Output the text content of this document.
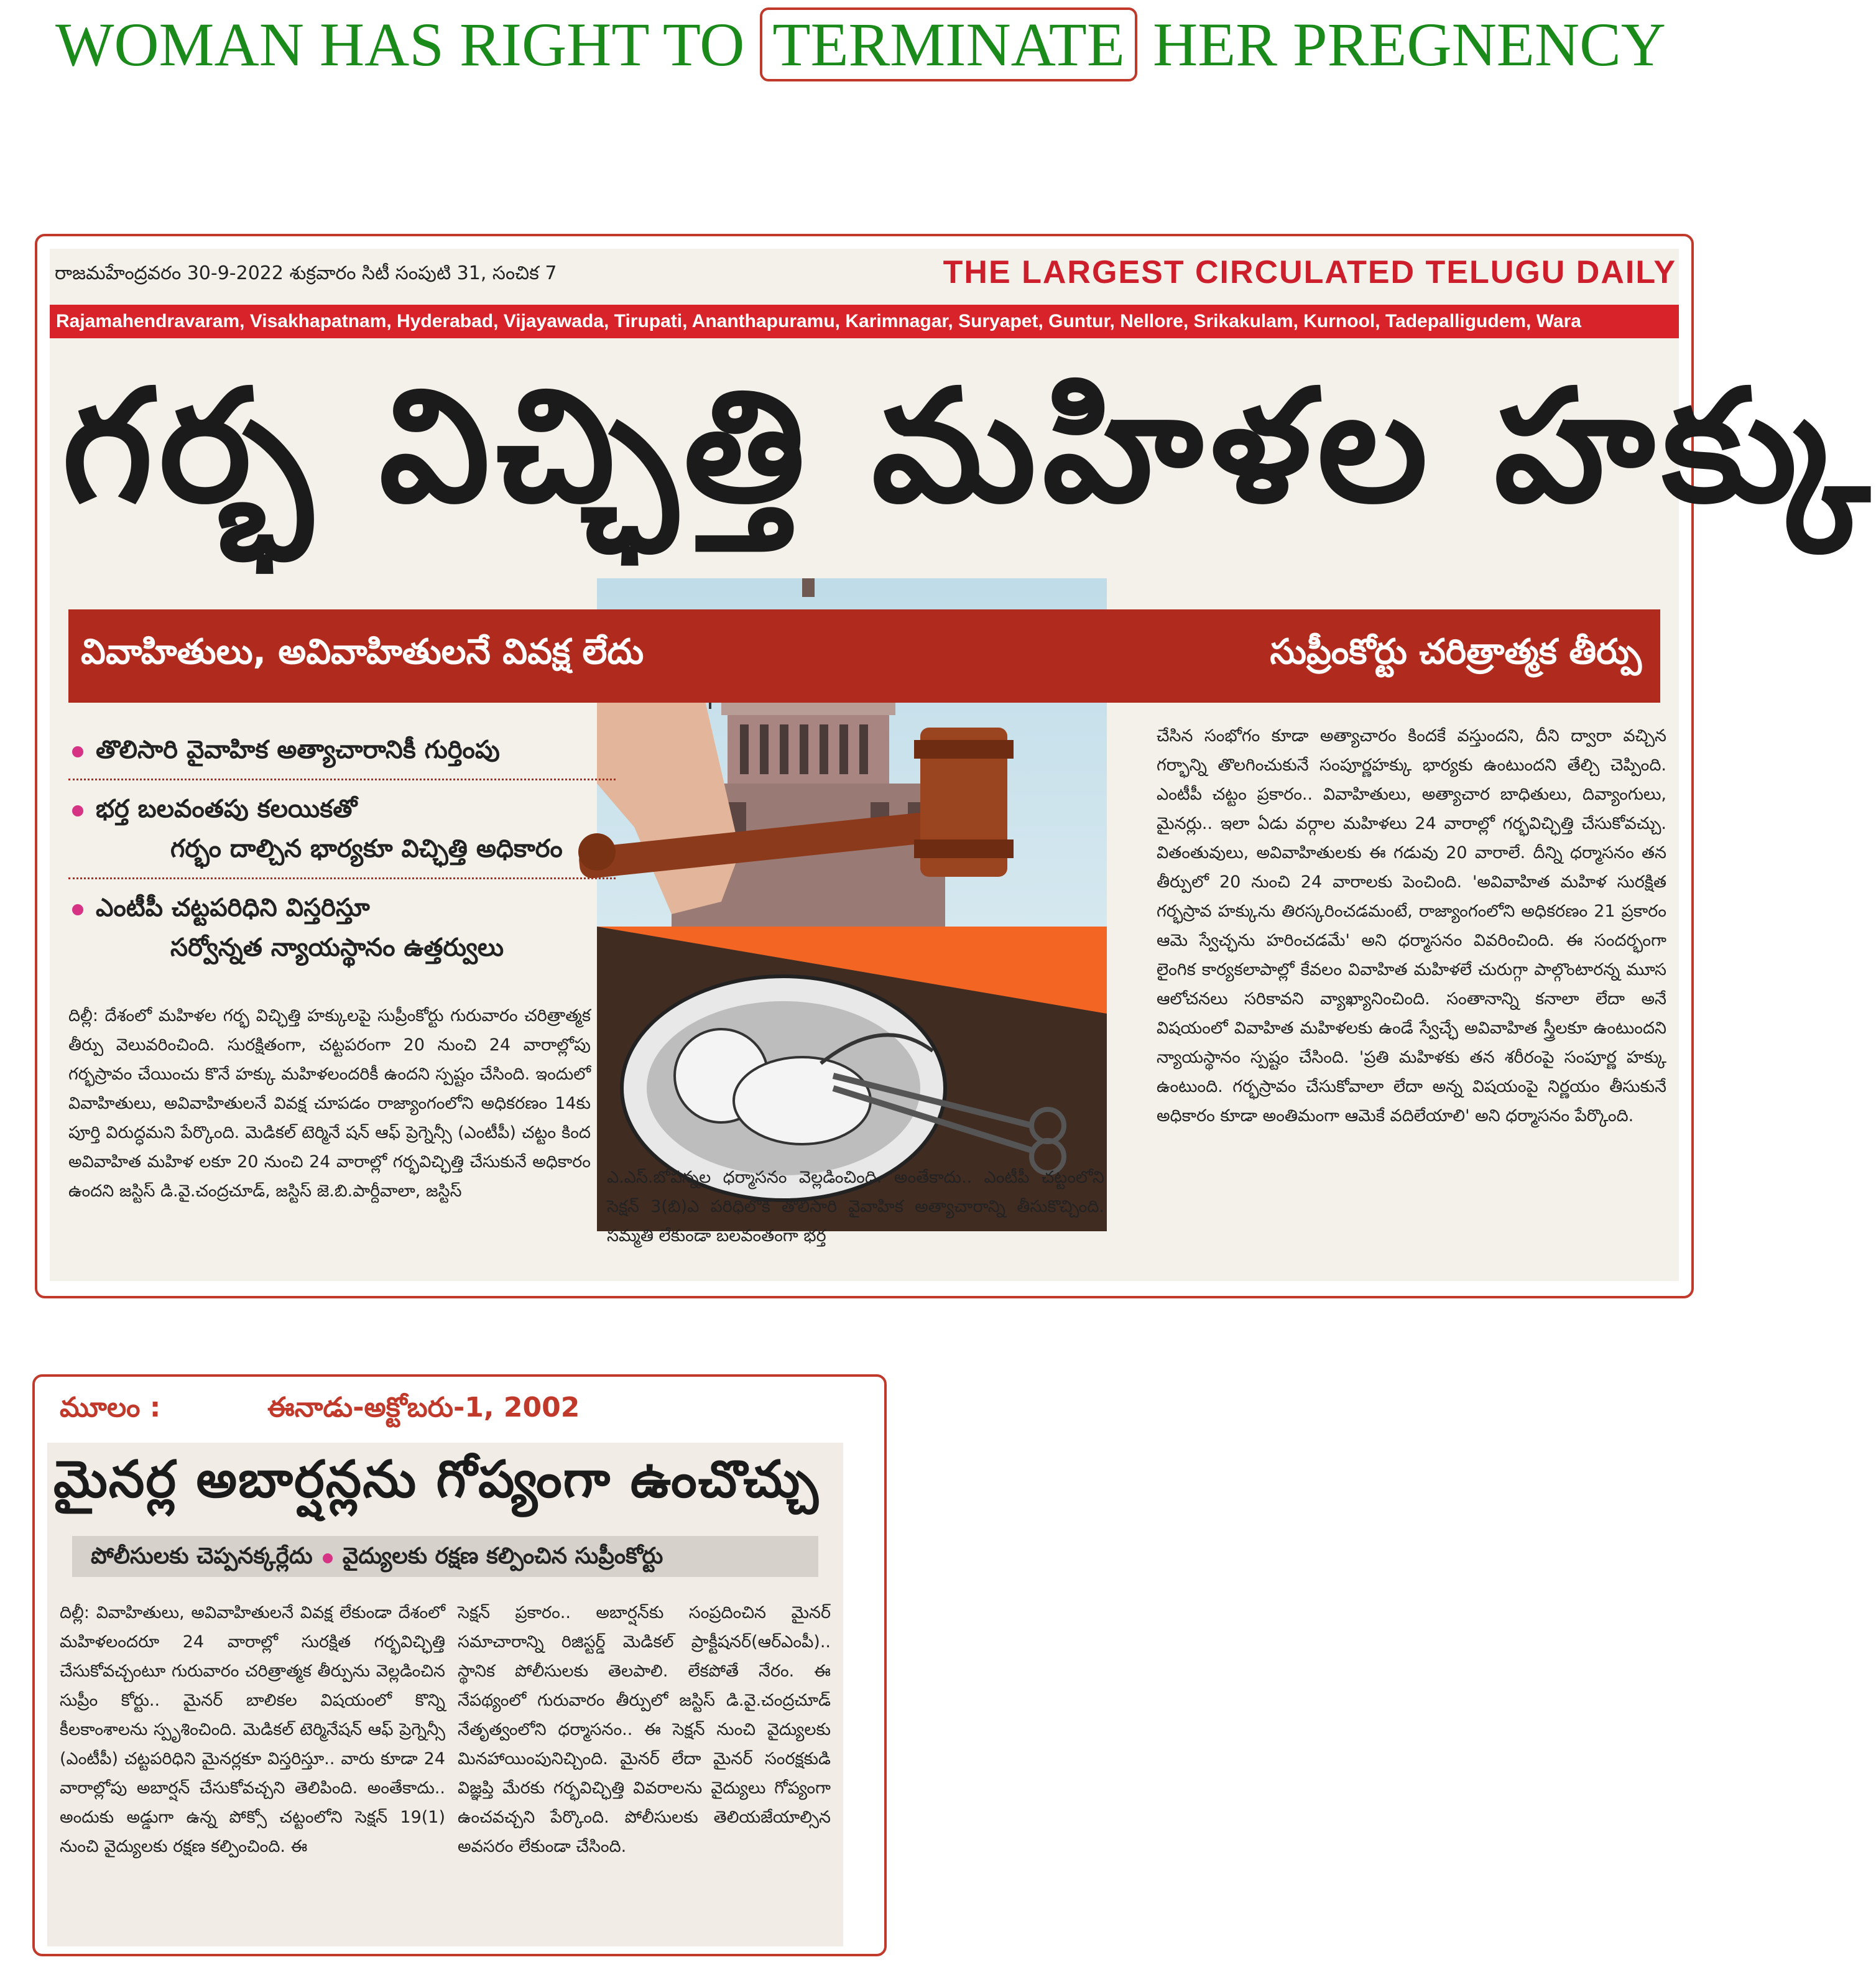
WOMAN HAS RIGHT TO TERMINATE HER PREGNENCY
రాజమహేంద్రవరం 30-9-2022 శుక్రవారం సిటీ సంపుటి 31, సంచిక 7	THE LARGEST CIRCULATED TELUGU DAILY
Rajamahendravaram, Visakhapatnam, Hyderabad, Vijayawada, Tirupati, Ananthapuramu, Karimnagar, Suryapet, Guntur, Nellore, Srikakulam, Kurnool, Tadepalligudem, Wara
గర్భ విచ్ఛిత్తి మహిళల హక్కు
వివాహితులు, అవివాహితులనే వివక్ష లేదు	సుప్రీంకోర్టు చరిత్రాత్మక తీర్పు
తొలిసారి వైవాహిక అత్యాచారానికీ గుర్తింపు
భర్త బలవంతపు కలయికతో
గర్భం దాల్చిన భార్యకూ విచ్ఛిత్తి అధికారం
ఎంటీపీ చట్టపరిధిని విస్తరిస్తూ
సర్వోన్నత న్యాయస్థానం ఉత్తర్వులు
దిల్లీ: దేశంలో మహిళల గర్భ విచ్ఛిత్తి హక్కులపై సుప్రీంకోర్టు గురువారం చరిత్రాత్మక తీర్పు వెలువరించింది. సురక్షితంగా, చట్టపరంగా 20 నుంచి 24 వారాల్లోపు గర్భస్రావం చేయించు కొనే హక్కు మహిళలందరికీ ఉందని స్పష్టం చేసింది. ఇందులో వివాహితులు, అవివాహితులనే వివక్ష చూపడం రాజ్యాంగంలోని అధికరణం 14కు పూర్తి విరుద్ధమని పేర్కొంది. మెడికల్ టెర్మినే షన్ ఆఫ్ ప్రెగ్నెన్సీ (ఎంటీపీ) చట్టం కింద అవివాహిత మహిళ లకూ 20 నుంచి 24 వారాల్లో గర్భవిచ్ఛిత్తి చేసుకునే అధికారం ఉందని జస్టిస్ డి.వై.చంద్రచూడ్, జస్టిస్ జె.బి.పార్దీవాలా, జస్టిస్
ఎ.ఎస్.బోపన్నల ధర్మాసనం వెల్లడించింది. అంతేకాదు.. ఎంటీపీ చట్టంలోని సెక్షన్ 3(బి)ఎ పరిధిలోకి తొలిసారి వైవాహిక అత్యాచారాన్ని తీసుకొచ్చింది. సమ్మతి లేకుండా బలవంతంగా భర్త
చేసిన సంభోగం కూడా అత్యాచారం కిందకే వస్తుందని, దీని ద్వారా వచ్చిన గర్భాన్ని తొలగించుకునే సంపూర్ణహక్కు భార్యకు ఉంటుందని తేల్చి చెప్పింది. ఎంటీపీ చట్టం ప్రకారం.. వివాహితులు, అత్యాచార బాధితులు, దివ్యాంగులు, మైనర్లు.. ఇలా ఏడు వర్గాల మహిళలు 24 వారాల్లో గర్భవిచ్ఛిత్తి చేసుకోవచ్చు. వితంతువులు, అవివాహితులకు ఈ గడువు 20 వారాలే. దీన్ని ధర్మాసనం తన తీర్పులో 20 నుంచి 24 వారాలకు పెంచింది. 'అవివాహిత మహిళ సురక్షిత గర్భస్రావ హక్కును తిరస్కరించడమంటే, రాజ్యాంగంలోని అధికరణం 21 ప్రకారం ఆమె స్వేచ్ఛను హరించడమే' అని ధర్మాసనం వివరించింది. ఈ సందర్భంగా లైంగిక కార్యకలాపాల్లో కేవలం వివాహిత మహిళలే చురుగ్గా పాల్గొంటారన్న మూస ఆలోచనలు సరికావని వ్యాఖ్యానించింది. సంతానాన్ని కనాలా లేదా అనే విషయంలో వివాహిత మహిళలకు ఉండే స్వేచ్ఛే అవివాహిత స్త్రీలకూ ఉంటుందని న్యాయస్థానం స్పష్టం చేసింది. 'ప్రతి మహిళకు తన శరీరంపై సంపూర్ణ హక్కు ఉంటుంది. గర్భస్రావం చేసుకోవాలా లేదా అన్న విషయంపై నిర్ణయం తీసుకునే అధికారం కూడా అంతిమంగా ఆమెకే వదిలేయాలి' అని ధర్మాసనం పేర్కొంది.
మూలం :	ఈనాడు-అక్టోబరు-1, 2002
మైనర్ల అబార్షన్లను గోప్యంగా ఉంచొచ్చు
పోలీసులకు చెప్పనక్కర్లేదు వైద్యులకు రక్షణ కల్పించిన సుప్రీంకోర్టు
దిల్లీ: వివాహితులు, అవివాహితులనే వివక్ష లేకుండా దేశంలో మహిళలందరూ 24 వారాల్లో సురక్షిత గర్భవిచ్ఛిత్తి చేసుకోవచ్చంటూ గురువారం చరిత్రాత్మక తీర్పును వెల్లడించిన సుప్రీం కోర్టు.. మైనర్ బాలికల విషయంలో కొన్ని కీలకాంశాలను స్పృశించింది. మెడికల్ టెర్మినేషన్ ఆఫ్ ప్రెగ్నెన్సీ (ఎంటీపీ) చట్టపరిధిని మైనర్లకూ విస్తరిస్తూ.. వారు కూడా 24 వారాల్లోపు అబార్షన్ చేసుకోవచ్చని తెలిపింది. అంతేకాదు.. అందుకు అడ్డుగా ఉన్న పోక్సో చట్టంలోని సెక్షన్ 19(1) నుంచి వైద్యులకు రక్షణ కల్పించింది. ఈ
సెక్షన్ ప్రకారం.. అబార్షన్‌కు సంప్రదించిన మైనర్ సమాచారాన్ని రిజిస్టర్డ్ మెడికల్ ప్రాక్టీషనర్(ఆర్ఎంపీ).. స్థానిక పోలీసులకు తెలపాలి. లేకపోతే నేరం. ఈ నేపథ్యంలో గురువారం తీర్పులో జస్టిస్ డి.వై.చంద్రచూడ్ నేతృత్వంలోని ధర్మాసనం.. ఈ సెక్షన్ నుంచి వైద్యులకు మినహాయింపునిచ్చింది. మైనర్ లేదా మైనర్ సంరక్షకుడి విజ్ఞప్తి మేరకు గర్భవిచ్ఛిత్తి వివరాలను వైద్యులు గోప్యంగా ఉంచవచ్చని పేర్కొంది. పోలీసులకు తెలియజేయాల్సిన అవసరం లేకుండా చేసింది.
